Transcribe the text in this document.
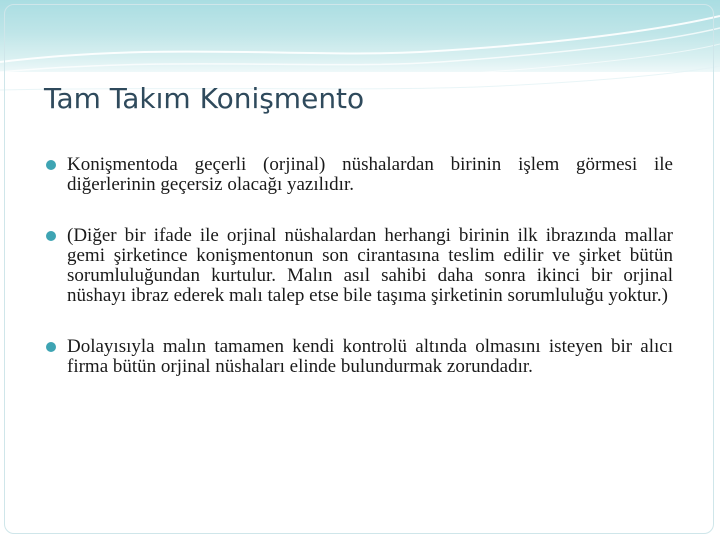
Tam Takım Konişmento
Konişmentoda geçerli (orjinal) nüshalardan birinin işlem görmesi ile diğerlerinin geçersiz olacağı yazılıdır.
(Diğer bir ifade ile orjinal nüshalardan herhangi birinin ilk ibrazında mallar gemi şirketince konişmentonun son cirantasına teslim edilir ve şirket bütün sorumluluğundan kurtulur. Malın asıl sahibi daha sonra ikinci bir orjinal nüshayı ibraz ederek malı talep etse bile taşıma şirketinin sorumluluğu yoktur.)
Dolayısıyla malın tamamen kendi kontrolü altında olmasını isteyen bir alıcı firma bütün orjinal nüshaları elinde bulundurmak zorundadır.
